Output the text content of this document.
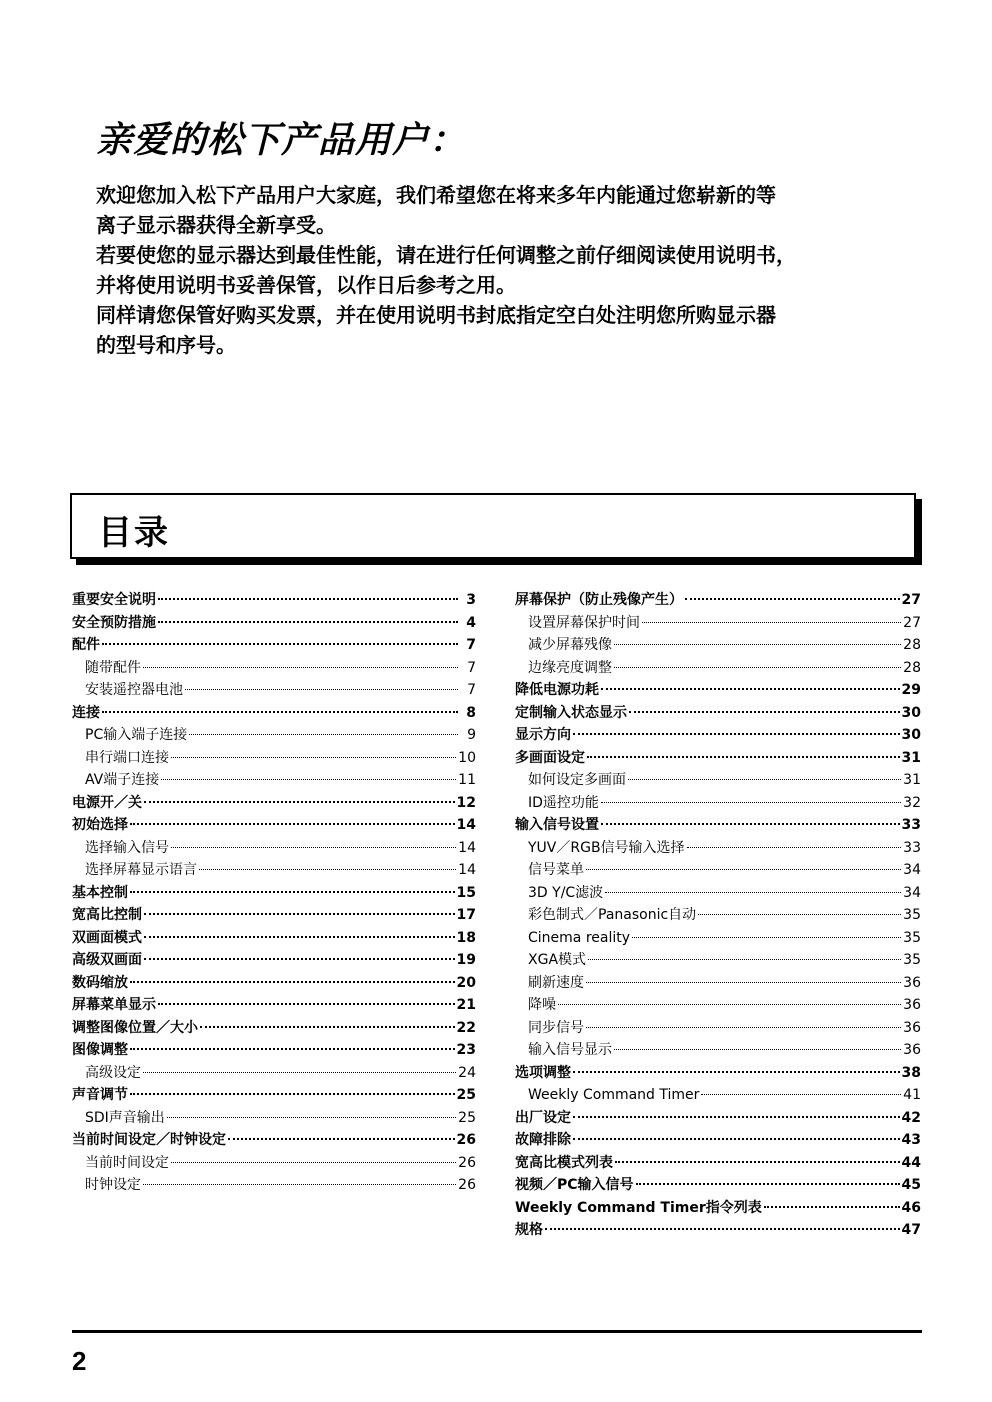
亲爱的松下产品用户：

欢迎您加入松下产品用户大家庭，我们希望您在将来多年内能通过您崭新的等

离子显示器获得全新享受。

若要使您的显示器达到最佳性能，请在进行任何调整之前仔细阅读使用说明书，

并将使用说明书妥善保管，以作日后参考之用。

同样请您保管好购买发票，并在使用说明书封底指定空白处注明您所购显示器

的型号和序号。

目录
重要安全说明	3
安全预防措施	4
配件	7
随带配件	7
安装遥控器电池	7
连接	8
PC输入端子连接	9
串行端口连接	10
AV端子连接	11
电源开／关	12
初始选择	14
选择输入信号	14
选择屏幕显示语言	14
基本控制	15
宽高比控制	17
双画面模式	18
高级双画面	19
数码缩放	20
屏幕菜单显示	21
调整图像位置／大小	22
图像调整	23
高级设定	24
声音调节	25
SDI声音输出	25
当前时间设定／时钟设定	26
当前时间设定	26
时钟设定	26
屏幕保护（防止残像产生）	27
设置屏幕保护时间	27
减少屏幕残像	28
边缘亮度调整	28
降低电源功耗	29
定制输入状态显示	30
显示方向	30
多画面设定	31
如何设定多画面	31
ID遥控功能	32
输入信号设置	33
YUV／RGB信号输入选择	33
信号菜单	34
3D Y/C滤波	34
彩色制式／Panasonic自动	35
Cinema reality	35
XGA模式	35
刷新速度	36
降噪	36
同步信号	36
输入信号显示	36
选项调整	38
Weekly Command Timer	41
出厂设定	42
故障排除	43
宽高比模式列表	44
视频／PC输入信号	45
Weekly Command Timer指令列表	46
规格	47

2
